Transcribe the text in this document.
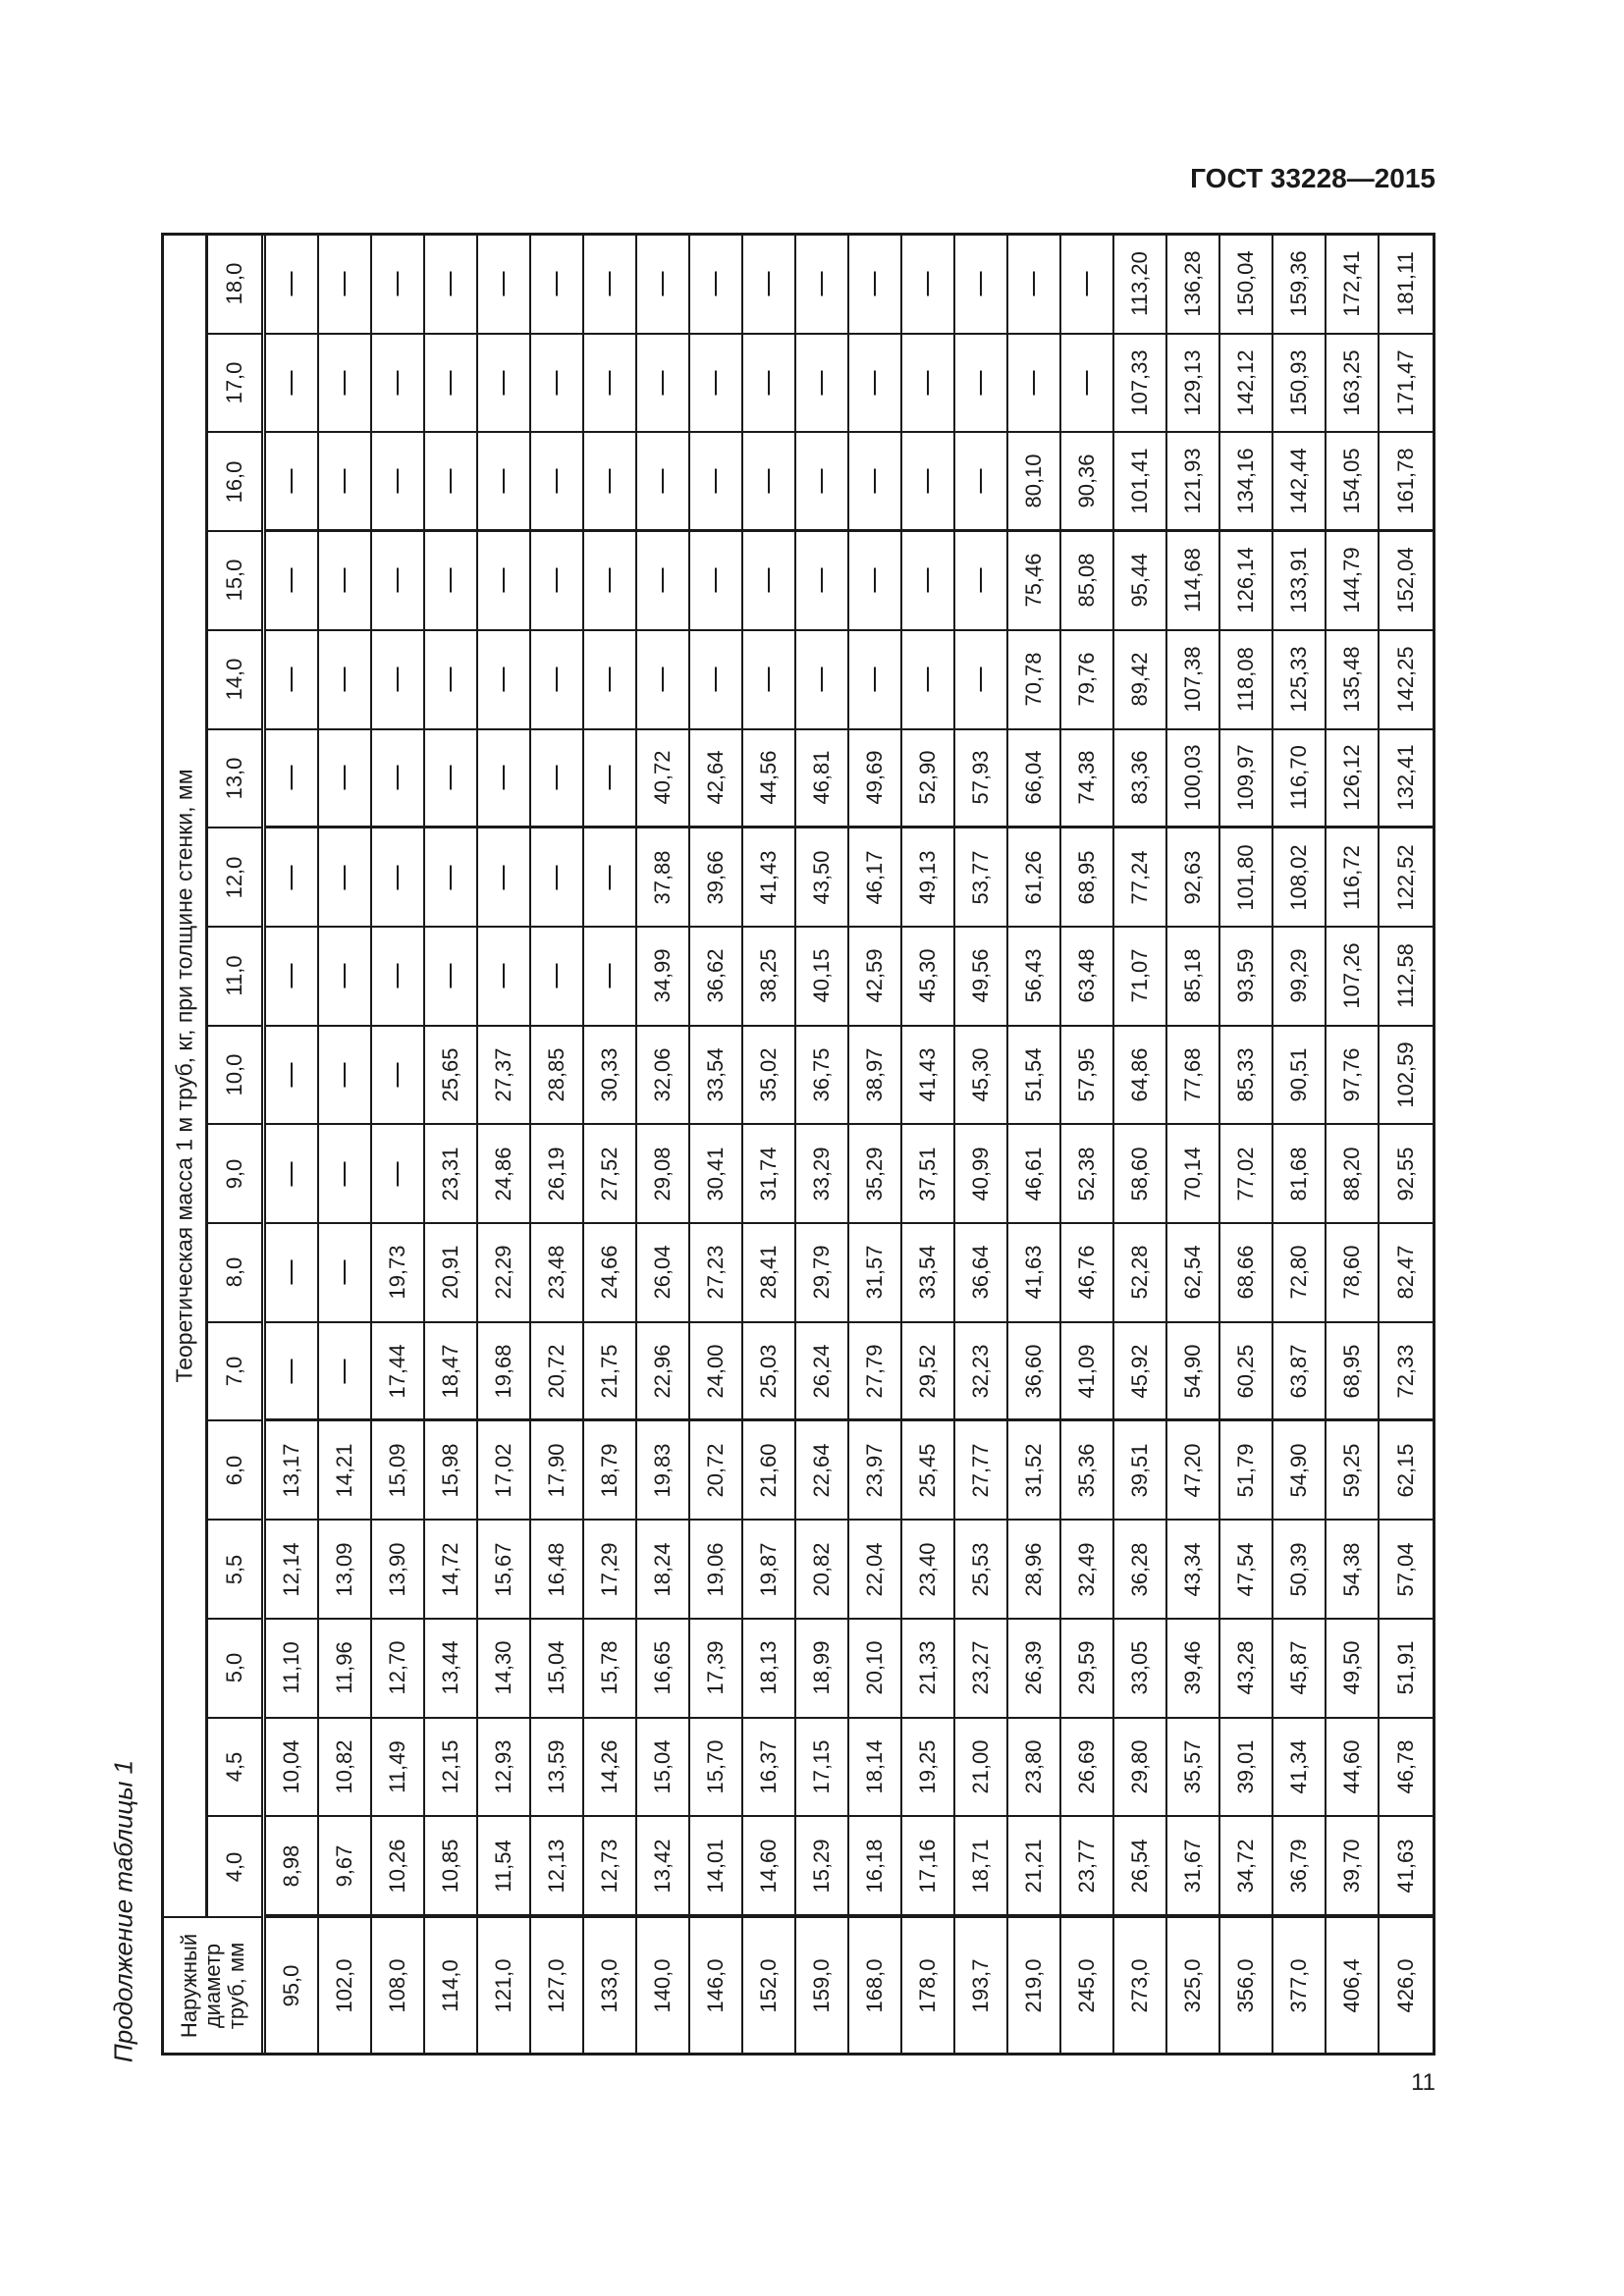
ГОСТ 33228—2015
Продолжение таблицы 1
Теоретическая масса 1 м труб, кг, при толщине стенки, мм
18,0
17,0
16,0
15,0
14,0
13,0
12,0
11,0
10,0
9,0
8,0
7,0
6,0
5,5
5,0
4,5
4,0
Наружный диаметр труб, мм
13,17
12,14
11,10
10,04
8,98
95,0
14,21
13,09
11,96
10,82
9,67
102,0
19,73
17,44
15,09
13,90
12,70
11,49
10,26
108,0
25,65
23,31
20,91
18,47
15,98
14,72
13,44
12,15
10,85
114,0
27,37
24,86
22,29
19,68
17,02
15,67
14,30
12,93
11,54
121,0
28,85
26,19
23,48
20,72
17,90
16,48
15,04
13,59
12,13
127,0
30,33
27,52
24,66
21,75
18,79
17,29
15,78
14,26
12,73
133,0
40,72
37,88
34,99
32,06
29,08
26,04
22,96
19,83
18,24
16,65
15,04
13,42
140,0
42,64
39,66
36,62
33,54
30,41
27,23
24,00
20,72
19,06
17,39
15,70
14,01
146,0
44,56
41,43
38,25
35,02
31,74
28,41
25,03
21,60
19,87
18,13
16,37
14,60
152,0
46,81
43,50
40,15
36,75
33,29
29,79
26,24
22,64
20,82
18,99
17,15
15,29
159,0
49,69
46,17
42,59
38,97
35,29
31,57
27,79
23,97
22,04
20,10
18,14
16,18
168,0
52,90
49,13
45,30
41,43
37,51
33,54
29,52
25,45
23,40
21,33
19,25
17,16
178,0
57,93
53,77
49,56
45,30
40,99
36,64
32,23
27,77
25,53
23,27
21,00
18,71
193,7
80,10
75,46
70,78
66,04
61,26
56,43
51,54
46,61
41,63
36,60
31,52
28,96
26,39
23,80
21,21
219,0
90,36
85,08
79,76
74,38
68,95
63,48
57,95
52,38
46,76
41,09
35,36
32,49
29,59
26,69
23,77
245,0
113,20
107,33
101,41
95,44
89,42
83,36
77,24
71,07
64,86
58,60
52,28
45,92
39,51
36,28
33,05
29,80
26,54
273,0
136,28
129,13
121,93
114,68
107,38
100,03
92,63
85,18
77,68
70,14
62,54
54,90
47,20
43,34
39,46
35,57
31,67
325,0
150,04
142,12
134,16
126,14
118,08
109,97
101,80
93,59
85,33
77,02
68,66
60,25
51,79
47,54
43,28
39,01
34,72
356,0
159,36
150,93
142,44
133,91
125,33
116,70
108,02
99,29
90,51
81,68
72,80
63,87
54,90
50,39
45,87
41,34
36,79
377,0
172,41
163,25
154,05
144,79
135,48
126,12
116,72
107,26
97,76
88,20
78,60
68,95
59,25
54,38
49,50
44,60
39,70
406,4
181,11
171,47
161,78
152,04
142,25
132,41
122,52
112,58
102,59
92,55
82,47
72,33
62,15
57,04
51,91
46,78
41,63
426,0
11
